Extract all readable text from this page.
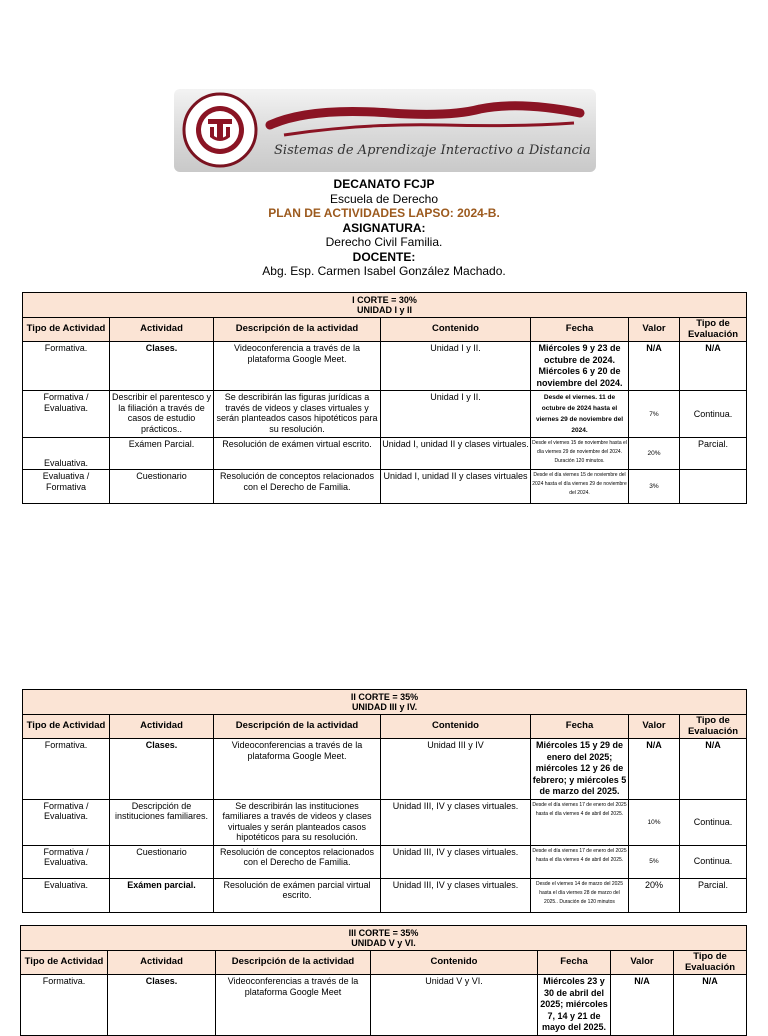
Sistemas de Aprendizaje Interactivo a Distancia
DECANATO FCJP
Escuela de Derecho
PLAN DE ACTIVIDADES LAPSO: 2024-B.
ASIGNATURA:
Derecho Civil Familia.
DOCENTE:
Abg. Esp. Carmen Isabel González Machado.
I CORTE = 30%
UNIDAD I y II						

Tipo de Actividad	Actividad	Descripción de la actividad	Contenido	Fecha	Valor	Tipo de Evaluación
Formativa.	Clases.	Videoconferencia a través de la plataforma Google Meet.	Unidad I y II.	Miércoles 9 y 23 de octubre de 2024. Miércoles 6 y 20 de noviembre del 2024.	N/A	N/A
Formativa / Evaluativa.	Describir el parentesco y la filiación a través de casos de estudio prácticos..	Se describirán las figuras jurídicas a través de videos y clases virtuales y serán planteados casos hipotéticos para su resolución.	Unidad I y II.	Desde el viernes. 11 de octubre de 2024 hasta el viernes 29 de noviembre del 2024.	7%	Continua.
Evaluativa.	Exámen Parcial.	Resolución de exámen virtual escrito.	Unidad I, unidad II y clases virtuales.	Desde el viernes 15 de noviembre hasta el día viernes 29 de noviembre del 2024. Duración 120 minutos.	20%	Parcial.
Evaluativa / Formativa	Cuestionario	Resolución de conceptos relacionados con el Derecho de Familia.	Unidad I, unidad II y clases virtuales	Desde el día viernes 15 de noviembre del 2024 hasta el día viernes 29 de noviembre del 2024.	3%	
II CORTE = 35%
UNIDAD III y IV.						

Tipo de Actividad	Actividad	Descripción de la actividad	Contenido	Fecha	Valor	Tipo de Evaluación
Formativa.	Clases.	Videoconferencias a través de la plataforma Google Meet.	Unidad III y IV	Miércoles 15 y 29 de enero del 2025; miércoles 12 y 26 de febrero; y miércoles 5 de marzo del 2025.	N/A	N/A
Formativa / Evaluativa.	Descripción de instituciones familiares.	Se describirán las instituciones familiares a través de videos y clases virtuales y serán planteados casos hipotéticos para su resolución.	Unidad III, IV y clases virtuales.	Desde el día viernes 17 de enero del 2025 hasta el día viernes 4 de abril del 2025.	10%	Continua.
Formativa / Evaluativa.	Cuestionario	Resolución de conceptos relacionados con el Derecho de Familia.	Unidad III, IV y clases virtuales.	Desde el día viernes 17 de enero del 2025 hasta el día viernes 4 de abril del 2025.	5%	Continua.
Evaluativa.	Exámen parcial.	Resolución de exámen parcial virtual escrito.	Unidad III, IV y clases virtuales.	Desde el viernes 14 de marzo del 2025 hasta el día viernes 28 de marzo del 2025.. Duración de 120 minutos	20%	Parcial.
III CORTE = 35%
UNIDAD V y VI.						

Tipo de Actividad	Actividad	Descripción de la actividad	Contenido	Fecha	Valor	Tipo de Evaluación
Formativa.	Clases.	Videoconferencias a través de la plataforma Google Meet	Unidad V y VI.	Miércoles 23 y 30 de abril del 2025; miércoles 7, 14 y 21 de mayo del 2025.	N/A	N/A
